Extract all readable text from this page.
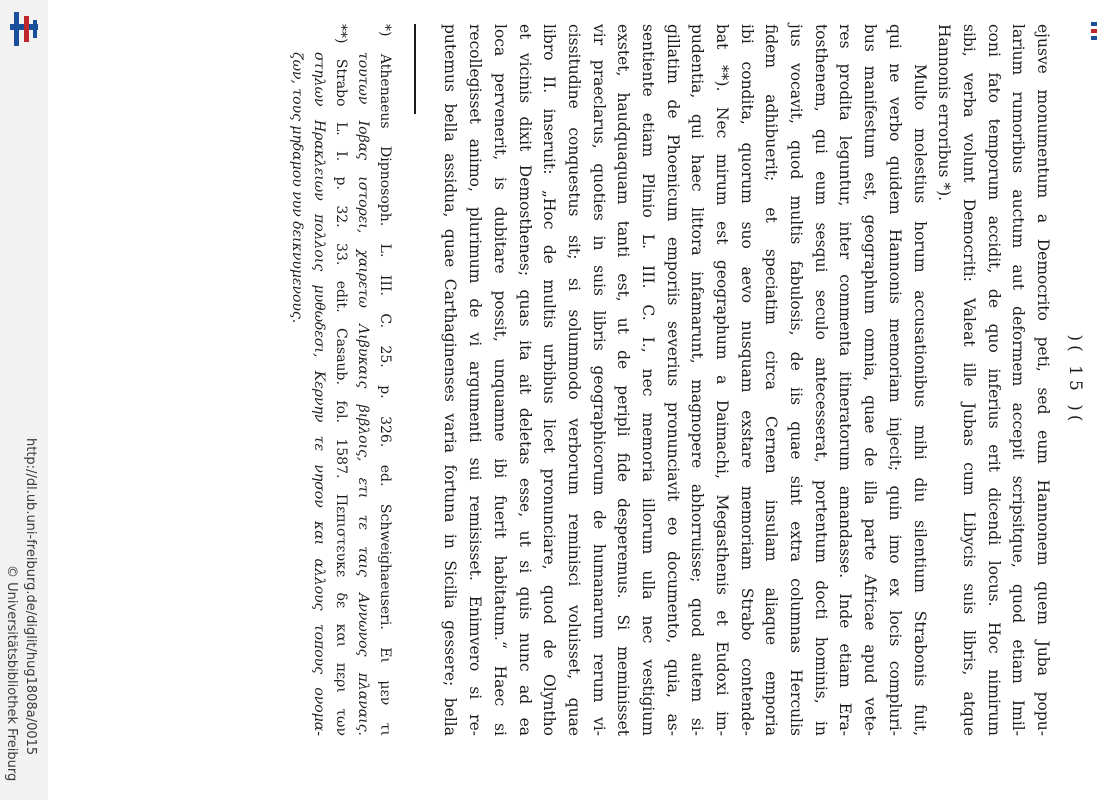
http://dl.ub.uni-freiburg.de/diglit/hug1808a/0015
© Universitätsbibliothek Freiburg
)( 15 )(
ejusve monumentum a Democrito peti, sed eum Hannonem quem Juba popu-
larium rumoribus auctum aut deformem accepit scripsitque, quod etiam Imil-
coni fato temporum accidit, de quo inferius erit dicendi locus. Hoc nimirum
sibi, verba volunt Democriti: Valeat ille Jubas cum Libycis suis libris, atque
Hannonis erroribus *).
Multo molestius horum accusationibus mihi diu silentium Strabonis fuit,
qui ne verbo quidem Hannonis memoriam injecit; quin imo ex locis compluri-
bus manifestum est, geographum omnia, quae de illa parte Africae apud vete-
res prodita leguntur, inter commenta itineratorum amandasse. Inde etiam Era-
tosthenem, qui eum sesqui seculo antecesserat, portentum docti hominis, in
jus vocavit, quod multis fabulosis, de iis quae sint extra columnas Herculis
fidem adhibuerit; et speciatim circa Cernen insulam aliaque emporia
ibi condita, quorum suo aevo nusquam exstare memoriam Strabo contende-
bat **). Nec mirum est geographum a Daimachi, Megasthenis et Eudoxi im-
pudentia, qui haec littora infamarunt, magnopere abhorruisse; quod autem si-
gillatim de Phoenicum emporiis severius pronunciavit eo documento, quia, as-
sentiente etiam Plinio L. III. C. I., nec memoria illorum ulla nec vestigium
exstet, haudquaquam tanti est, ut de peripli fide desperemus. Si meminisset
vir praeclarus, quoties in suis libris geographicorum de humanarum rerum vi-
cissitudine conquestus sit; si solummodo verborum reminisci voluisset, quae
libro II. inseruit: „Hoc de multis urbibus licet pronunciare, quod de Olyntho
et vicinis dixit Demosthenes; quas ita ait deletas esse, ut si quis nunc ad ea
loca pervenerit, is dubitare possit, unquamne ibi fuerit habitatum.“ Haec si
recollegisset animo, plurimum de vi argumenti sui remisisset. Enimvero si re-
putemus bella assidua, quae Carthaginenses varia fortuna in Sicilia gessere; bella
*) Athenaeus Dipnosoph. L. III. C. 25. p. 326. ed. Schweighaeuseri. Ει μεν τι
τουτων Ιοβας ιστορει, χαιρετω Λιβυκαις βιβλοις, ετι τε ταις Αννωνος πλαναις.
**) Strabo L. I. p. 32. 33. edit. Casaub. fol. 1587. Πεπιστευκε δε και περι των
στηλων Ηρακλειων πολλοις μυθωδεσι, Κερνην τε νησον και αλλους τοπους ονομα-
ζων, τους μηδαμου νυν δεικνυμενους.
